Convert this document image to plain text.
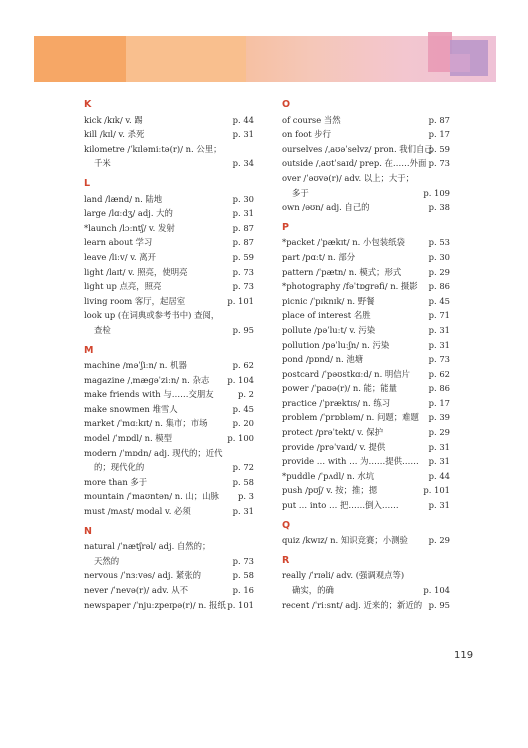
K
kick /kɪk/ v. 踢	p. 44
kill /kɪl/ v. 杀死	p. 31
kilometre /ˈkɪləmiːtə(r)/ n. 公里；
千米	p. 34
L
land /lænd/ n. 陆地	p. 30
large /lɑːdʒ/ adj. 大的	p. 31
*launch /lɔːntʃ/ v. 发射	p. 87
learn about 学习	p. 87
leave /liːv/ v. 离开	p. 59
light /laɪt/ v. 照亮，使明亮	p. 73
light up 点亮，照亮	p. 73
living room 客厅，起居室	p. 101
look up (在词典或参考书中) 查阅，
查检	p. 95
M
machine /məˈʃiːn/ n. 机器	p. 62
magazine /ˌmæɡəˈziːn/ n. 杂志 p. 104
make friends with 与……交朋友	p. 2
make snowmen 堆雪人	p. 45
market /ˈmɑːkɪt/ n. 集市；市场	p. 20
model /ˈmɒdl/ n. 模型	p. 100
modern /ˈmɒdn/ adj. 现代的；近代
的；现代化的	p. 72
more than 多于	p. 58
mountain /ˈmaʊntən/ n. 山；山脉 p. 3
must /mʌst/ modal v. 必须	p. 31
N
natural /ˈnætʃrəl/ adj. 自然的；
天然的	p. 73
nervous /ˈnɜːvəs/ adj. 紧张的	p. 58
never /ˈnevə(r)/ adv. 从不	p. 16
newspaper /ˈnjuːzpeɪpə(r)/ n. 报纸 p. 101
O
of course 当然	p. 87
on foot 步行	p. 17
ourselves /ˌaʊəˈselvz/ pron. 我们自己
p. 59
outside /ˌaʊtˈsaɪd/ prep. 在……外面 p. 73
over /ˈəʊvə(r)/ adv. 以上；大于；
多于	p. 109
own /əʊn/ adj. 自己的	p. 38
P
*packet /ˈpækɪt/ n. 小包装纸袋	p. 53
part /pɑːt/ n. 部分	p. 30
pattern /ˈpætn/ n. 模式；形式	p. 29
*photography /fəˈtɒɡrəfi/ n. 摄影 p. 86
picnic /ˈpɪknɪk/ n. 野餐	p. 45
place of interest 名胜	p. 71
pollute /pəˈluːt/ v. 污染	p. 31
pollution /pəˈluːʃn/ n. 污染	p. 31
pond /pɒnd/ n. 池塘	p. 73
postcard /ˈpəʊstkɑːd/ n. 明信片 p. 62
power /ˈpaʊə(r)/ n. 能；能量	p. 86
practice /ˈpræktɪs/ n. 练习	p. 17
problem /ˈprɒbləm/ n. 问题；难题 p. 39
protect /prəˈtekt/ v. 保护	p. 29
provide /prəˈvaɪd/ v. 提供	p. 31
provide … with … 为……提供…… p. 31
*puddle /ˈpʌdl/ n. 水坑	p. 44
push /pʊʃ/ v. 按；推；摁	p. 101
put … into … 把……倒入……	p. 31
Q
quiz /kwɪz/ n. 知识竞赛；小测验 p. 29
R
really /ˈrɪəli/ adv. (强调观点等)
确实，的确	p. 104
recent /ˈriːsnt/ adj. 近来的；新近的 p. 95
119
